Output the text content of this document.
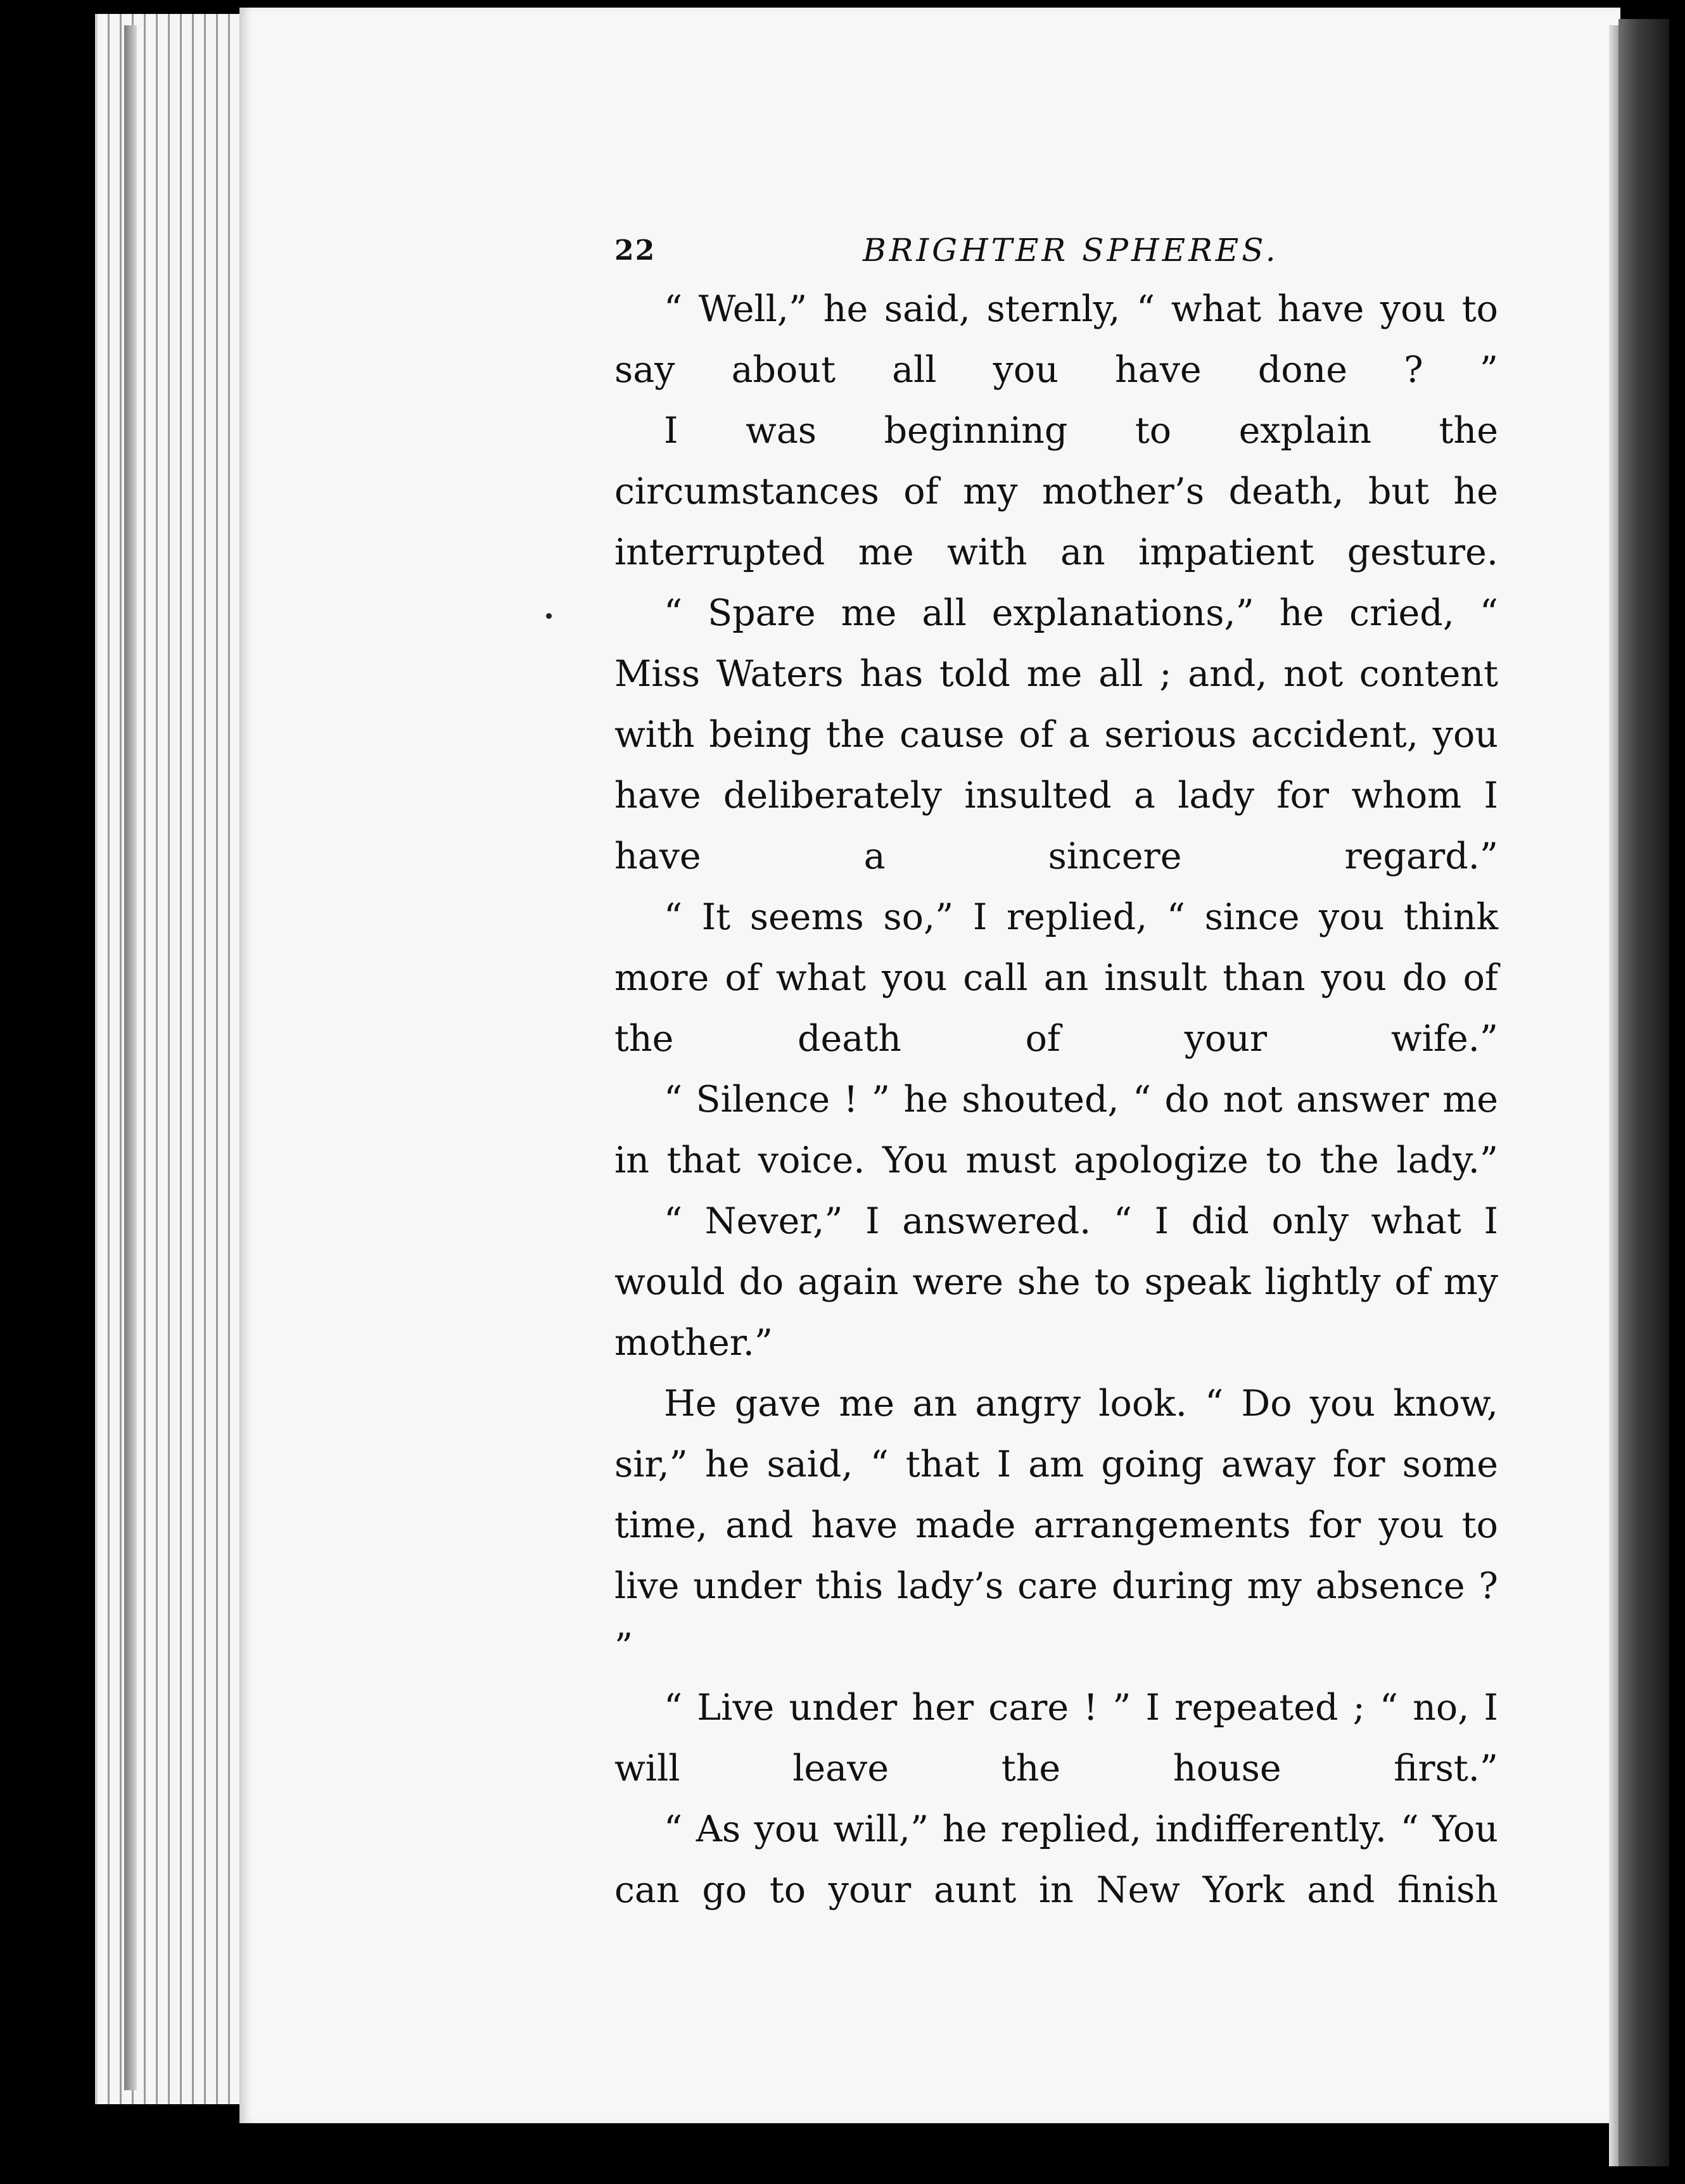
22	BRIGHTER SPHERES.

“ Well,” he said, sternly, “ what have you to say about all you have done ? ”

I was beginning to explain the circumstances of my mother’s death, but he interrupted me with an impatient gesture.

“ Spare me all explanations,” he cried, “ Miss Waters has told me all ; and, not content with being the cause of a serious accident, you have deliberately insulted a lady for whom I have a sincere regard.”

“ It seems so,” I replied, “ since you think more of what you call an insult than you do of the death of your wife.”

“ Silence ! ” he shouted, “ do not answer me in that voice. You must apologize to the lady.”

“ Never,” I answered. “ I did only what I would do again were she to speak lightly of my mother.”

He gave me an angry look. “ Do you know, sir,” he said, “ that I am going away for some time, and have made arrangements for you to live under this lady’s care during my absence ? ”

“ Live under her care ! ” I repeated ; “ no, I will leave the house first.”

“ As you will,” he replied, indifferently. “ You can go to your aunt in New York and finish
